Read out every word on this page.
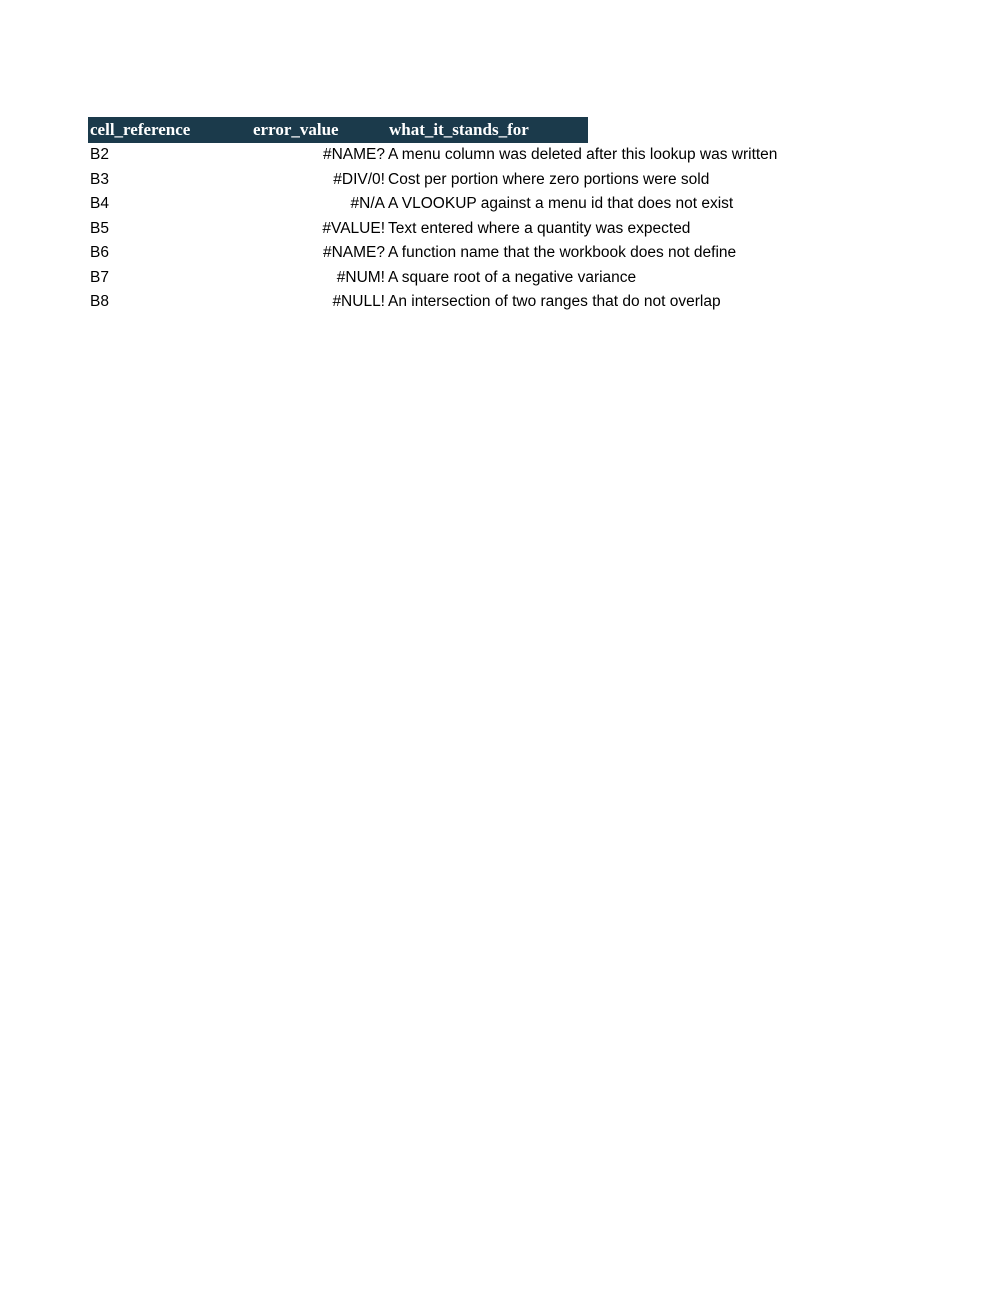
cell_reference	error_value	what_it_stands_for
B2	#NAME? A menu column was deleted after this lookup was written
B3	#DIV/0! Cost per portion where zero portions were sold
B4	#N/A A VLOOKUP against a menu id that does not exist
B5	#VALUE! Text entered where a quantity was expected
B6	#NAME? A function name that the workbook does not define
B7	#NUM! A square root of a negative variance
B8	#NULL! An intersection of two ranges that do not overlap
